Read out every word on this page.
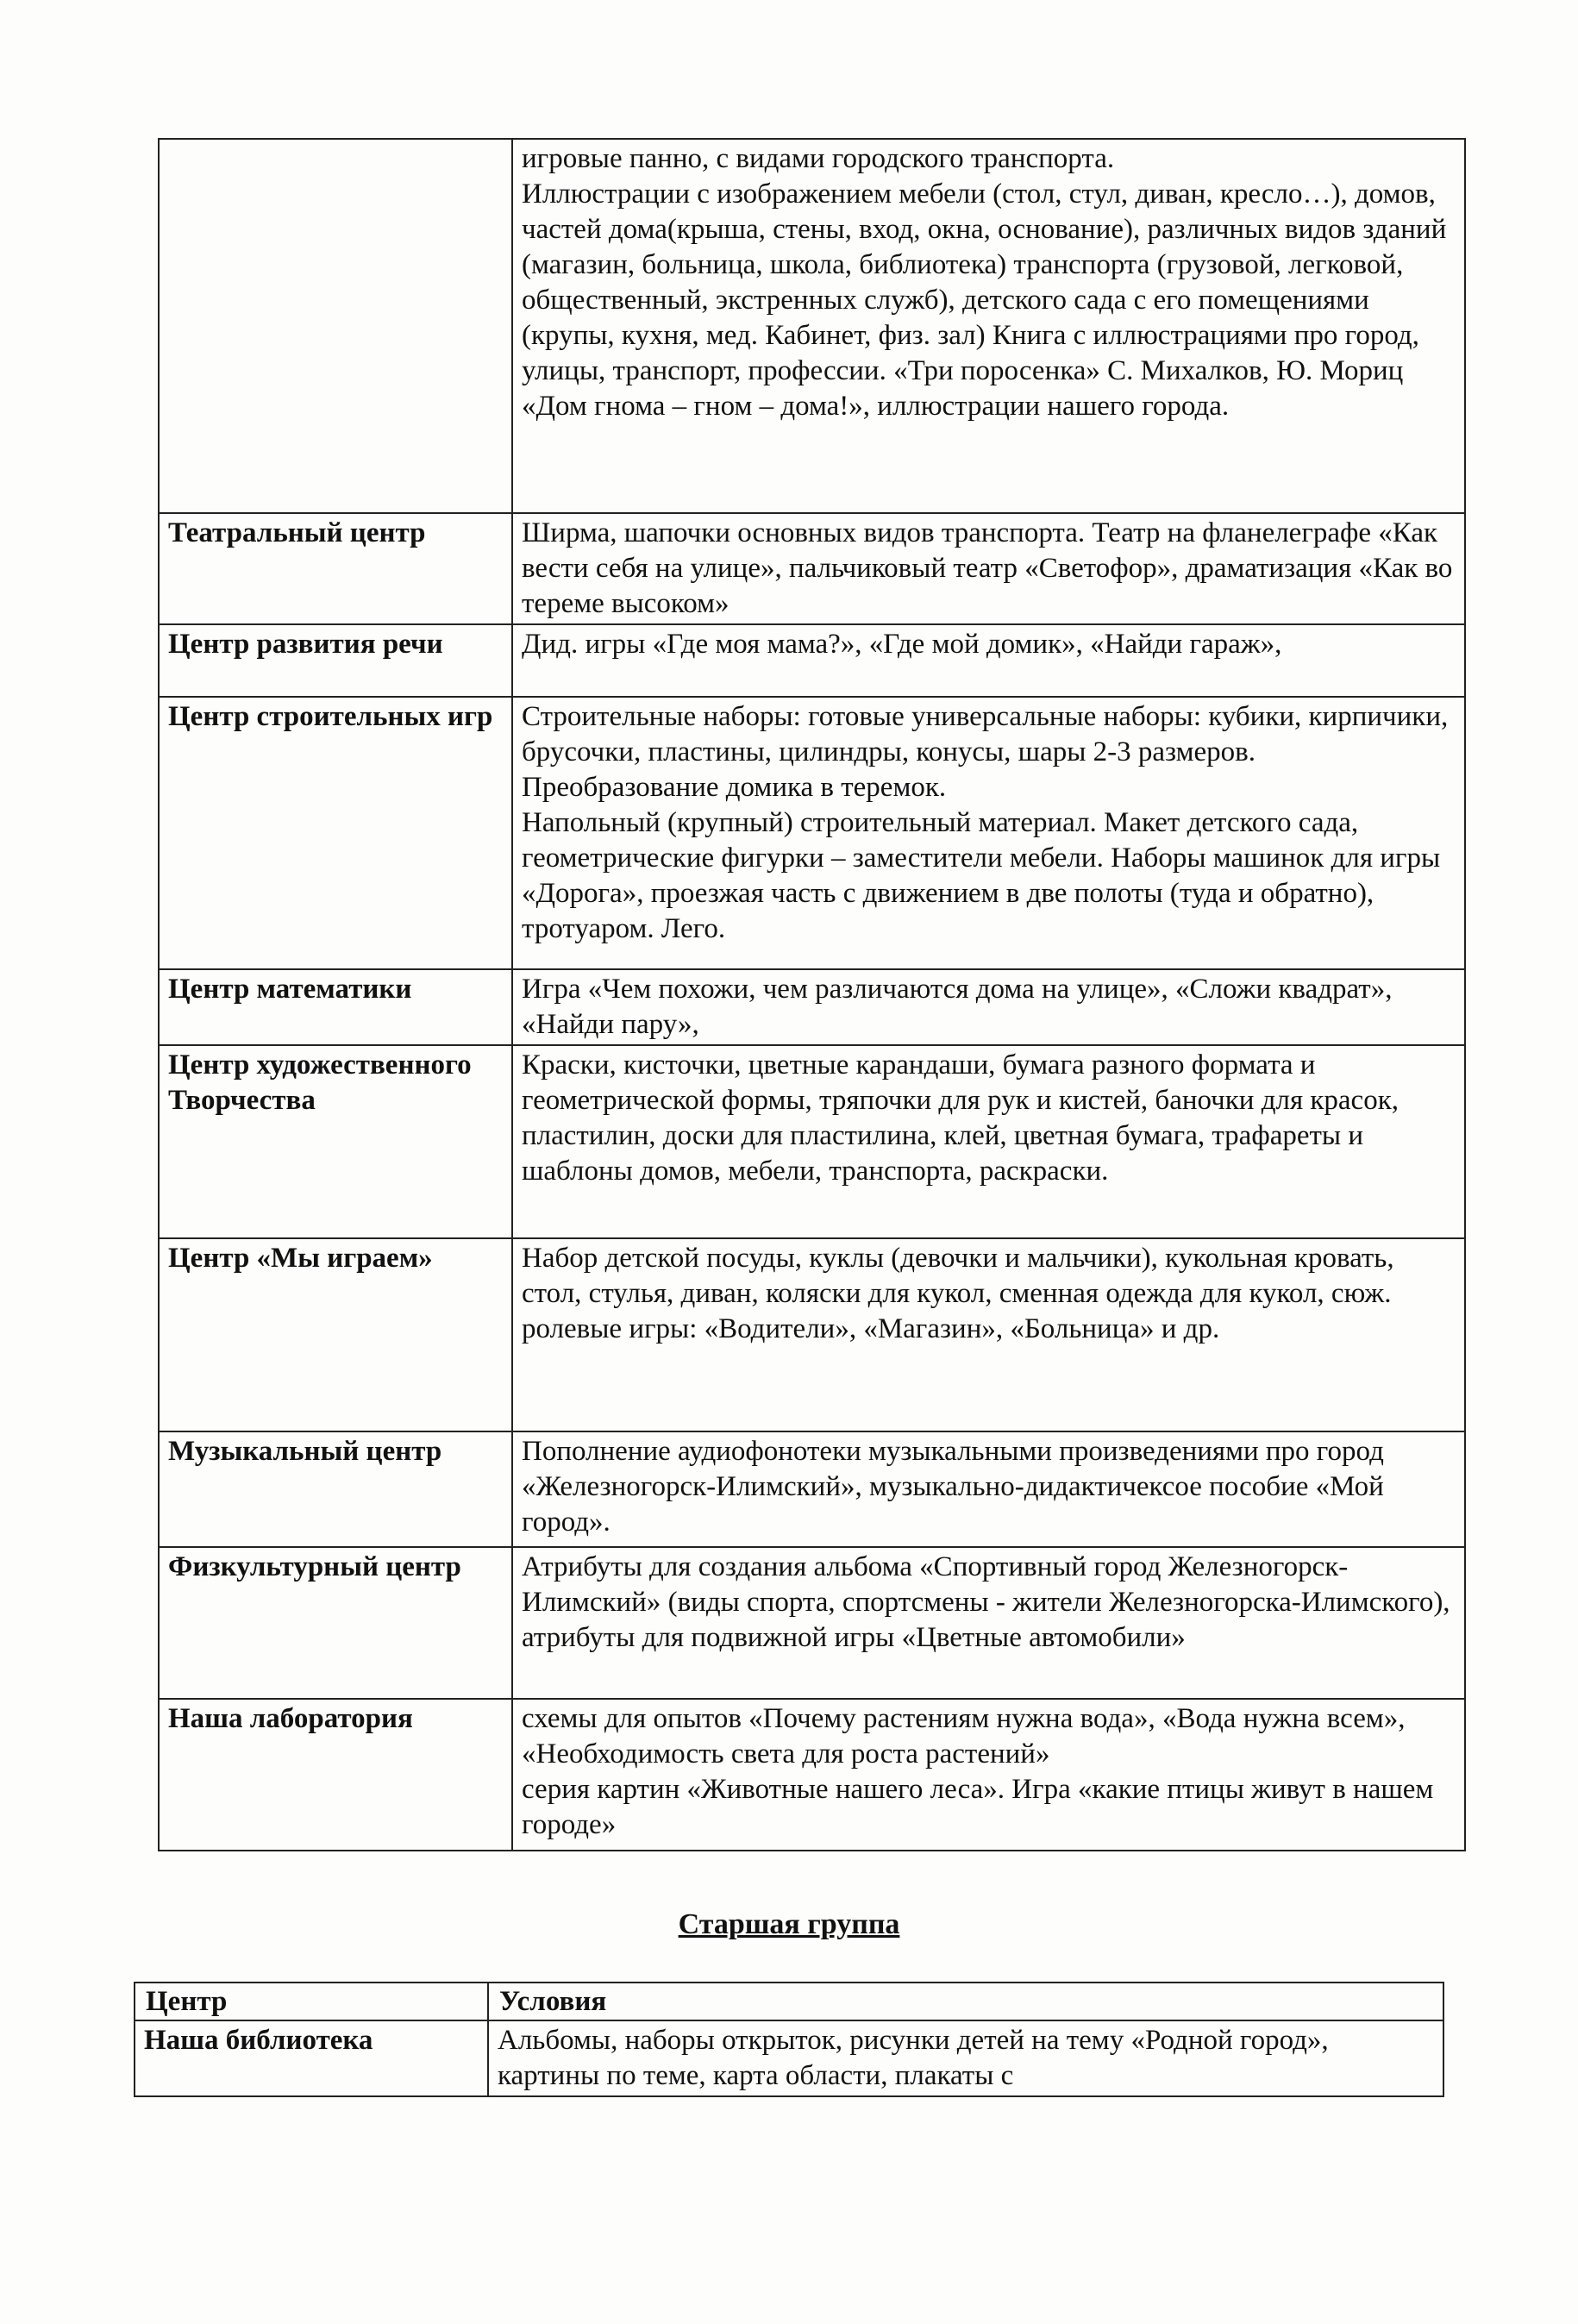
	игровые панно, с видами городского транспорта.
Иллюстрации с изображением мебели (стол, стул, диван, кресло…), домов, частей дома(крыша, стены, вход, окна, основание), различных видов зданий (магазин, больница, школа, библиотека) транспорта (грузовой, легковой, общественный, экстренных служб), детского сада с его помещениями (крупы, кухня, мед. Кабинет, физ. зал) Книга с иллюстрациями про город, улицы, транспорт, профессии. «Три поросенка» С. Михалков, Ю. Мориц «Дом гнома – гном – дома!», иллюстрации нашего города.
Театральный центр	Ширма, шапочки основных видов транспорта. Театр на фланелеграфе «Как вести себя на улице», пальчиковый театр «Светофор», драматизация «Как во тереме высоком»
Центр развития речи	Дид. игры «Где моя мама?», «Где мой домик», «Найди гараж»,
Центр строительных игр	Строительные наборы: готовые универсальные наборы: кубики, кирпичики, брусочки, пластины, цилиндры, конусы, шары 2-3 размеров. Преобразование домика в теремок.
Напольный (крупный) строительный материал. Макет детского сада, геометрические фигурки – заместители мебели. Наборы машинок для игры «Дорога», проезжая часть с движением в две полоты (туда и обратно), тротуаром. Лего.
Центр математики	Игра «Чем похожи, чем различаются дома на улице», «Сложи квадрат», «Найди пару»,
Центр художественного Творчества	Краски, кисточки, цветные карандаши, бумага разного формата и геометрической формы, тряпочки для рук и кистей, баночки для красок, пластилин, доски для пластилина, клей, цветная бумага, трафареты и шаблоны домов, мебели, транспорта, раскраски.
Центр «Мы играем»	Набор детской посуды, куклы (девочки и мальчики), кукольная кровать, стол, стулья, диван, коляски для кукол, сменная одежда для кукол, сюж. ролевые игры: «Водители», «Магазин», «Больница» и др.
Музыкальный центр	Пополнение аудиофонотеки музыкальными произведениями про город «Железногорск-Илимский», музыкально-дидактичексое пособие «Мой город».
Физкультурный центр	Атрибуты для создания альбома «Спортивный город Железногорск-Илимский» (виды спорта, спортсмены - жители Железногорска-Илимского), атрибуты для подвижной игры «Цветные автомобили»
Наша лаборатория	схемы для опытов «Почему растениям нужна вода», «Вода нужна всем», «Необходимость света для роста растений»
серия картин «Животные нашего леса». Игра «какие птицы живут в нашем городе»
Старшая группа
Центр	Условия
Наша библиотека	Альбомы, наборы открыток, рисунки детей на тему «Родной город», картины по теме, карта области, плакаты с
